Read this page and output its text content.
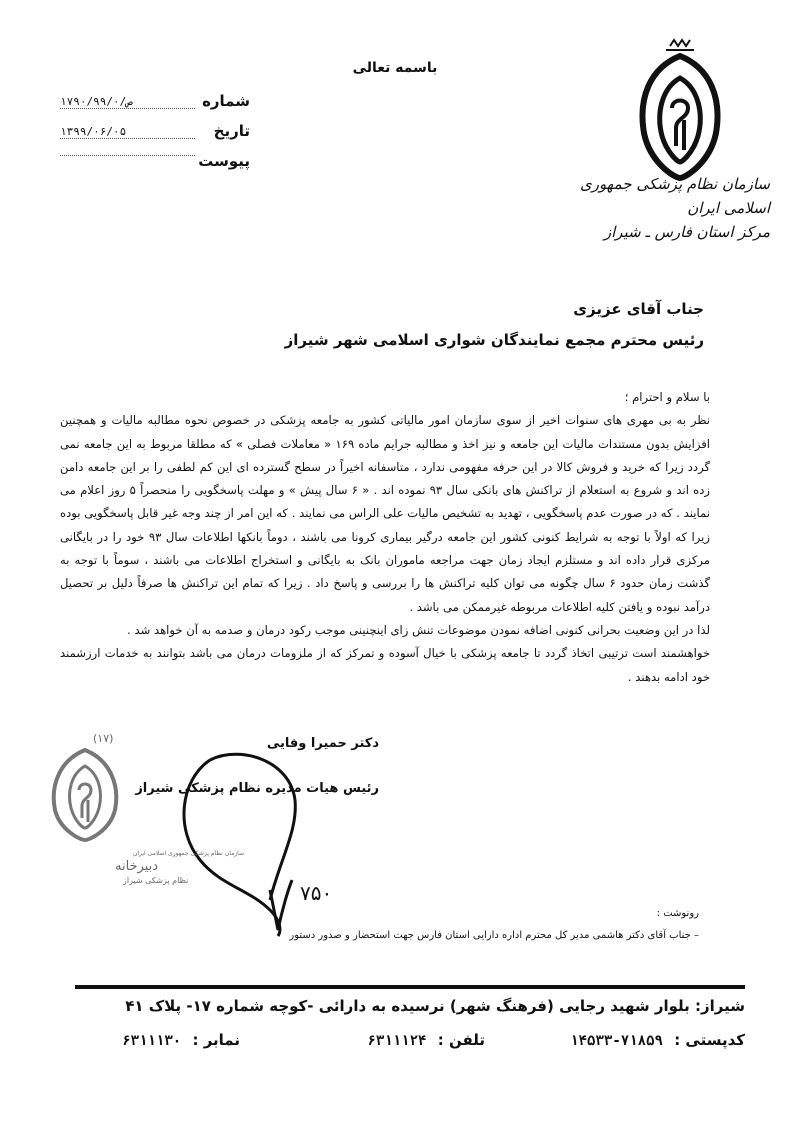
باسمه تعالی
شماره
ص/۱۷۹۰/۹۹/۰
تاریخ
۱۳۹۹/۰۶/۰۵
پیوست
سازمان نظام پزشکی جمهوری اسلامی ایران
مرکز استان فارس ـ شیراز
جناب آقای عزیزی
رئیس محترم مجمع نمایندگان شوارى اسلامى شهر شيراز

با سلام و احترام ؛

نظر به بی مهری های سنوات اخیر از سوی سازمان امور مالیاتی کشور به جامعه پزشکی در خصوص نحوه مطالبه مالیات و همچنین افزایش بدون مستندات مالیات این جامعه و نیز اخذ و مطالبه جرایم ماده ۱۶۹ « معاملات فصلی » که مطلقا مربوط به این جامعه نمی گردد زیرا که خرید و فروش کالا در این حرفه مفهومی ندارد ، متاسفانه اخیراً در سطح گسترده ای این کم لطفی را بر این جامعه دامن زده اند و شروع به استعلام از تراکنش های بانکی سال ۹۳ نموده اند . « ۶ سال پیش » و مهلت پاسخگویی را منحصراً ۵ روز اعلام می نمایند . که در صورت عدم پاسخگویی ، تهدید به تشخیص مالیات علی الراس می نمایند . که این امر از چند وجه غیر قابل پاسخگویی بوده زیرا که اولاً با توجه به شرایط کنونی کشور این جامعه درگیر بیماری کرونا می باشند ، دوماً بانکها اطلاعات سال ۹۳ خود را در بایگانی مرکزی قرار داده اند و مستلزم ایجاد زمان جهت مراجعه ماموران بانک به بایگانی و استخراج اطلاعات می باشند ، سوماً با توجه به گذشت زمان حدود ۶ سال چگونه می توان کلیه تراکنش ها را بررسی و پاسخ داد . زیرا که تمام این تراکنش ها صرفاً دلیل بر تحصیل درآمد نبوده و یافتن کلیه اطلاعات مربوطه غیرممکن می باشد .

لذا در این وضعیت بحرانی کنونی اضافه نمودن موضوعات تنش زای اینچنینی موجب رکود درمان و صدمه به آن خواهد شد .

خواهشمند است ترتیبی اتخاذ گردد تا جامعه پزشکی با خیال آسوده و تمرکز که از ملزومات درمان می باشد بتوانند به خدمات ارزشمند خود ادامه بدهند .

دکتر حمیرا وفایی
رئیس هیات مدیره نظام پزشکی شیراز
۷۵۰
(۱۷)
سازمان نظام پزشکی جمهوری اسلامی ایران
دبیرخانه
نظام پزشکی شیراز
رونوشت :
– جناب آقای دکتر هاشمی مدیر کل محترم اداره دارایی استان فارس جهت استحضار و صدور دستور
شیراز: بلوار شهید رجایی (فرهنگ شهر) نرسیده به دارائی -کوچه شماره ۱۷- پلاک ۴۱
کدپستی : ۷۱۸۵۹-۱۴۵۳۳
تلفن : ۶۳۱۱۱۲۴
نمابر : ۶۳۱۱۱۳۰
